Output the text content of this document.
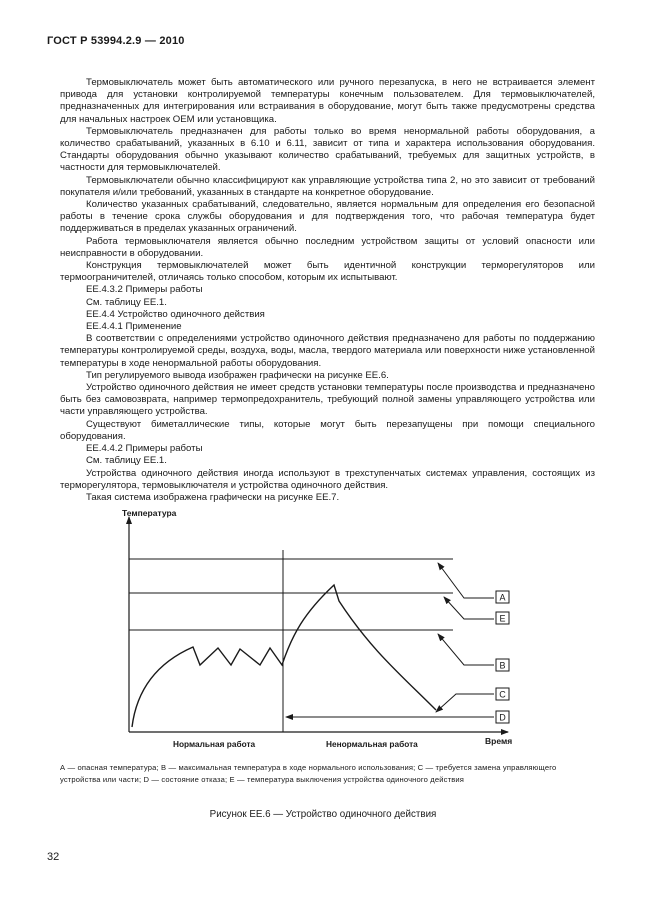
ГОСТ Р 53994.2.9 — 2010

Термовыключатель может быть автоматического или ручного перезапуска, в него не встраивается элемент привода для установки контролируемой температуры конечным пользователем. Для термовыключателей, предназначенных для интегрирования или встраивания в оборудование, могут быть также предусмотрены средства для начальных настроек ОЕМ или установщика.

Термовыключатель предназначен для работы только во время ненормальной работы оборудования, а количество срабатываний, указанных в 6.10 и 6.11, зависит от типа и характера использования оборудования. Стандарты оборудования обычно указывают количество срабатываний, требуемых для защитных устройств, в частности для термовыключателей.

Термовыключатели обычно классифицируют как управляющие устройства типа 2, но это зависит от требований покупателя и/или требований, указанных в стандарте на конкретное оборудование.

Количество указанных срабатываний, следовательно, является нормальным для определения его безопасной работы в течение срока службы оборудования и для подтверждения того, что рабочая температура будет поддерживаться в пределах указанных ограничений.

Работа термовыключателя является обычно последним устройством защиты от условий опасности или неисправности в оборудовании.

Конструкция термовыключателей может быть идентичной конструкции терморегуляторов или термоограничителей, отличаясь только способом, которым их испытывают.

ЕЕ.4.3.2 Примеры работы

См. таблицу ЕЕ.1.

ЕЕ.4.4 Устройство одиночного действия

ЕЕ.4.4.1 Применение

В соответствии с определениями устройство одиночного действия предназначено для работы по поддержанию температуры контролируемой среды, воздуха, воды, масла, твердого материала или поверхности ниже установленной температуры в ходе ненормальной работы оборудования.

Тип регулируемого вывода изображен графически на рисунке ЕЕ.6.

Устройство одиночного действия не имеет средств установки температуры после производства и предназначено быть без самовозврата, например термопредохранитель, требующий полной замены управляющего устройства или части управляющего устройства.

Существуют биметаллические типы, которые могут быть перезапущены при помощи специального оборудования.

ЕЕ.4.4.2 Примеры работы

См. таблицу ЕЕ.1.

Устройства одиночного действия иногда используют в трехступенчатых системах управления, состоящих из терморегулятора, термовыключателя и устройства одиночного действия.

Такая система изображена графически на рисунке ЕЕ.7.

Температура
Время
A
E
B
C
D
Нормальная работа	Ненормальная работа
А — опасная температура; В — максимальная температура в ходе нормального использования; С — требуется замена управляющего устройства или части; D — состояние отказа; Е — температура выключения устройства одиночного действия
Рисунок ЕЕ.6 — Устройство одиночного действия
32
